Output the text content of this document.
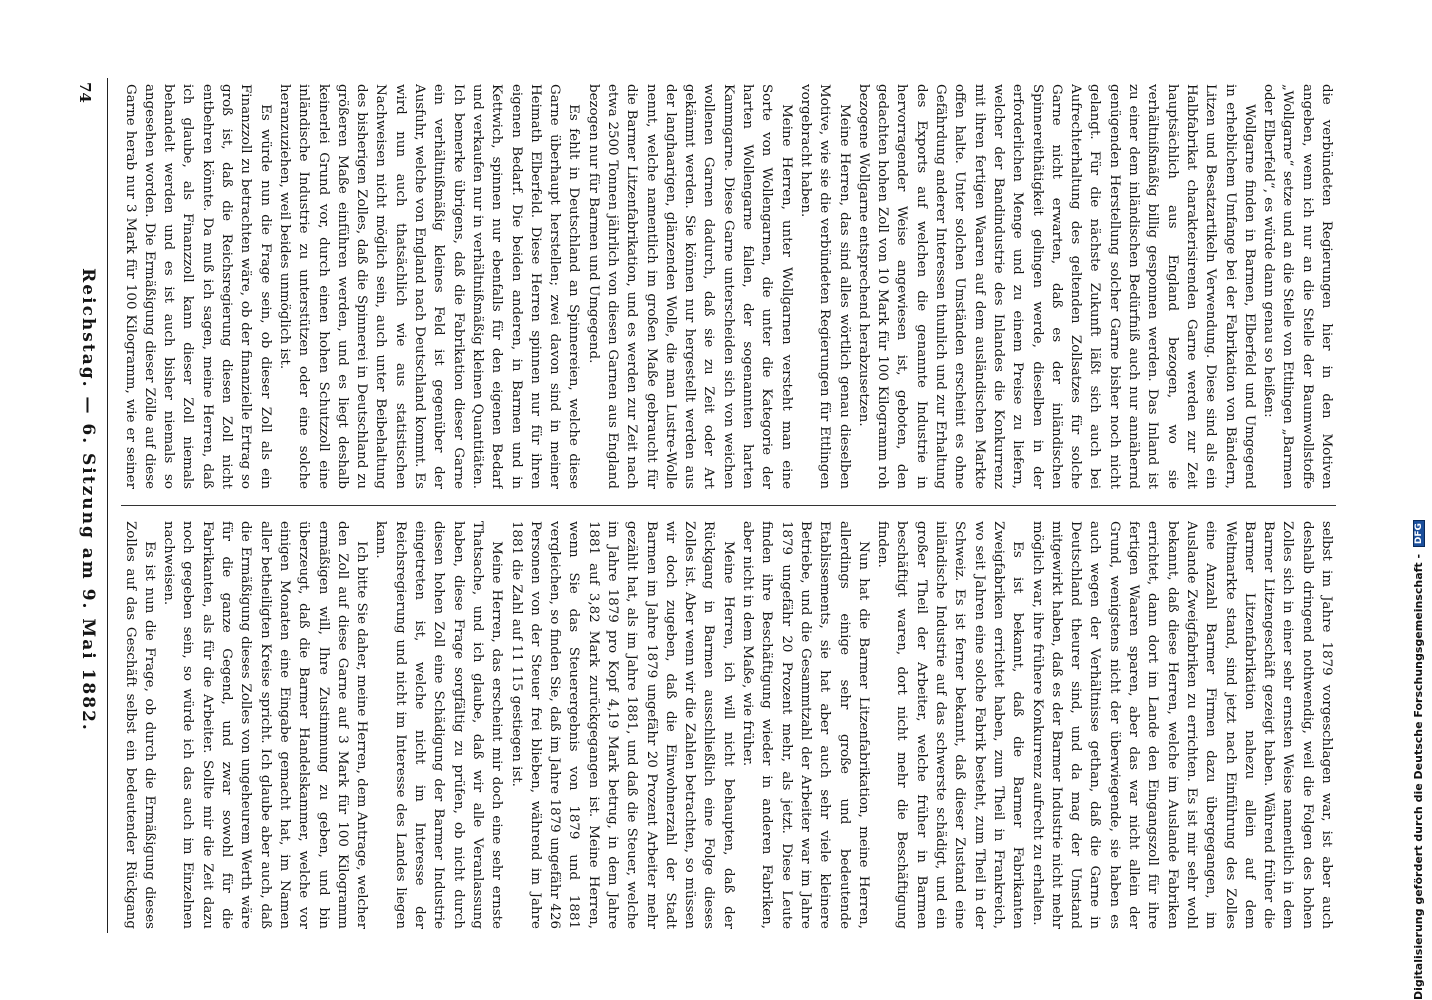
74
Reichstag. — 6. Sitzung am 9. Mai 1882.	die verbündeten Regierungen hier in den Motiven angeben, wenn ich nur an die Stelle der Baumwollstoffe „Wollgarne“ setze und an die Stelle von Ettlingen „Barmen oder Elberfeld“, es würde dann genau so heißen:

Wollgarne finden in Barmen, Elberfeld und Umgegend in erheblichem Umfange bei der Fabrikation von Bändern, Litzen und Besatzartikeln Verwendung. Diese sind als ein Halbfabrikat charakterisirenden Garne werden zur Zeit hauptsächlich aus England bezogen, wo sie verhältnißmäßig billig gesponnen werden. Das Inland ist zu einer dem inländischen Bedürfniß auch nur annähernd genügenden Herstellung solcher Garne bisher noch nicht gelangt. Für die nächste Zukunft läßt sich auch bei Aufrechterhaltung des geltenden Zollsatzes für solche Garne nicht erwarten, daß es der inländischen Spinnereithätigkeit gelingen werde, dieselben in der erforderlichen Menge und zu einem Preise zu liefern, welcher der Bandindustrie des Inlandes die Konkurrenz mit ihren fertigen Waaren auf dem ausländischen Markte offen halte. Unter solchen Umständen erscheint es ohne Gefährdung anderer Interessen thunlich und zur Erhaltung des Exports auf welchen die genannte Industrie in hervorragender Weise angewiesen ist, geboten, den gedachten hohen Zoll von 10 Mark für 100 Kilogramm roh bezogene Wollgarne entsprechend herabzusetzen.

Meine Herren, das sind alles wörtlich genau dieselben Motive, wie sie die verbündeten Regierungen für Ettlingen vorgebracht haben.

Meine Herren, unter Wollgarnen versteht man eine Sorte von Wollengarnen, die unter die Kategorie der harten Wollengarne fallen, der sogenannten harten Kammgarne. Diese Garne unterscheiden sich von weichen wollenen Garnen dadurch, daß sie zu Zeit oder Art gekämmt werden. Sie können nur hergestellt werden aus der langhaarigen, glänzenden Wolle, die man Lustre-Wolle nennt, welche namentlich im großen Maße gebraucht für die Barmer Litzenfabrikation, und es werden zur Zeit nach etwa 2500 Tonnen jährlich von diesen Garnen aus England bezogen nur für Barmen und Umgegend.

Es fehlt in Deutschland an Spinnereien, welche diese Garne überhaupt herstellen; zwei davon sind in meiner Heimath Elberfeld. Diese Herren spinnen nur für ihren eigenen Bedarf. Die beiden anderen, in Barmen und in Kettwich, spinnen nur ebenfalls für den eigenen Bedarf und verkaufen nur in verhältnißmäßig kleinen Quantitäten. Ich bemerke übrigens, daß die Fabrikation dieser Garne ein verhältnißmäßig kleines Feld ist gegenüber der Ausfuhr, welche von England nach Deutschland kommt. Es wird nun auch thatsächlich wie aus statistischen Nachweisen nicht möglich sein, auch unter Beibehaltung des bisherigen Zolles, daß die Spinnerei in Deutschland zu größeren Maße einführen werden, und es liegt deshalb keinerlei Grund vor, durch einen hohen Schutzzoll eine inländische Industrie zu unterstützen oder eine solche heranzuziehen, weil beides unmöglich ist.

Es würde nun die Frage sein, ob dieser Zoll als ein Finanzzoll zu betrachten wäre, ob der finanzielle Ertrag so groß ist, daß die Reichsregierung diesen Zoll nicht entbehren könnte. Da muß ich sagen, meine Herren, daß ich glaube, als Finanzzoll kann dieser Zoll niemals behandelt werden und es ist auch bisher niemals so angesehen worden. Die Ermäßigung dieser Zölle auf diese Garne herab nur 3 Mark für 100 Kilogramm, wie er seiner

selbst im Jahre 1879 vorgeschlagen war, ist aber auch deshalb dringend nothwendig, weil die Folgen des hohen Zolles sich in einer sehr ernsten Weise namentlich in dem Barmer Litzengeschäft gezeigt haben. Während früher die Barmer Litzenfabrikation nahezu allein auf dem Weltmarkte stand, sind jetzt nach Einführung des Zolles eine Anzahl Barmer Firmen dazu übergegangen, im Auslande Zweigfabriken zu errichten. Es ist mir sehr wohl bekannt, daß diese Herren, welche im Auslande Fabriken errichtet, dann dort im Lande den Eingangszoll für ihre fertigen Waaren sparen, aber das war nicht allein der Grund, wenigstens nicht der überwiegende, sie haben es auch wegen der Verhältnisse gethan, daß die Garne in Deutschland theurer sind, und da mag der Umstand mitgewirkt haben, daß es der Barmer Industrie nicht mehr möglich war, ihre frühere Konkurrenz aufrecht zu erhalten.

Es ist bekannt, daß die Barmer Fabrikanten Zweigfabriken errichtet haben, zum Theil in Frankreich, wo seit Jahren eine solche Fabrik besteht, zum Theil in der Schweiz. Es ist ferner bekannt, daß dieser Zustand eine inländische Industrie auf das schwerste schädigt, und ein großer Theil der Arbeiter, welche früher in Barmen beschäftigt waren, dort nicht mehr die Beschäftigung finden.

Nun hat die Barmer Litzenfabrikation, meine Herren, allerdings einige sehr große und bedeutende Etablissements, sie hat aber auch sehr viele kleinere Betriebe, und die Gesammtzahl der Arbeiter war im Jahre 1879 ungefähr 20 Prozent mehr, als jetzt. Diese Leute finden ihre Beschäftigung wieder in anderen Fabriken, aber nicht in dem Maße, wie früher.

Meine Herren, ich will nicht behaupten, daß der Rückgang in Barmen ausschließlich eine Folge dieses Zolles ist. Aber wenn wir die Zahlen betrachten, so müssen wir doch zugeben, daß die Einwohnerzahl der Stadt Barmen im Jahre 1879 ungefähr 20 Prozent Arbeiter mehr gezählt hat, als im Jahre 1881, und daß die Steuer, welche im Jahre 1879 pro Kopf 4,19 Mark betrug, in dem Jahre 1881 auf 3,82 Mark zurückgegangen ist. Meine Herren, wenn Sie das Steuerergebnis von 1879 und 1881 vergleichen, so finden Sie, daß im Jahre 1879 ungefähr 426 Personen von der Steuer frei blieben, während im Jahre 1881 die Zahl auf 11 115 gestiegen ist.

Meine Herren, das erscheint mir doch eine sehr ernste Thatsache, und ich glaube, daß wir alle Veranlassung haben, diese Frage sorgfältig zu prüfen, ob nicht durch diesen hohen Zoll eine Schädigung der Barmer Industrie eingetreten ist, welche nicht im Interesse der Reichsregierung und nicht im Interesse des Landes liegen kann.

Ich bitte Sie daher, meine Herren, dem Antrage, welcher den Zoll auf diese Garne auf 3 Mark für 100 Kilogramm ermäßigen will, Ihre Zustimmung zu geben, und bin überzeugt, daß die Barmer Handelskammer, welche vor einigen Monaten eine Eingabe gemacht hat, im Namen aller betheiligten Kreise spricht. Ich glaube aber auch, daß die Ermäßigung dieses Zolles von ungeheurem Werth wäre für die ganze Gegend, und zwar sowohl für die Fabrikanten, als für die Arbeiter. Sollte mir die Zeit dazu noch gegeben sein, so würde ich das auch im Einzelnen nachweisen.

Es ist nun die Frage, ob durch die Ermäßigung dieses Zolles auf das Geschäft selbst ein bedeutender Rückgang	Digitalisierung gefördert durch die Deutsche Forschungsgemeinschaft - DFG
